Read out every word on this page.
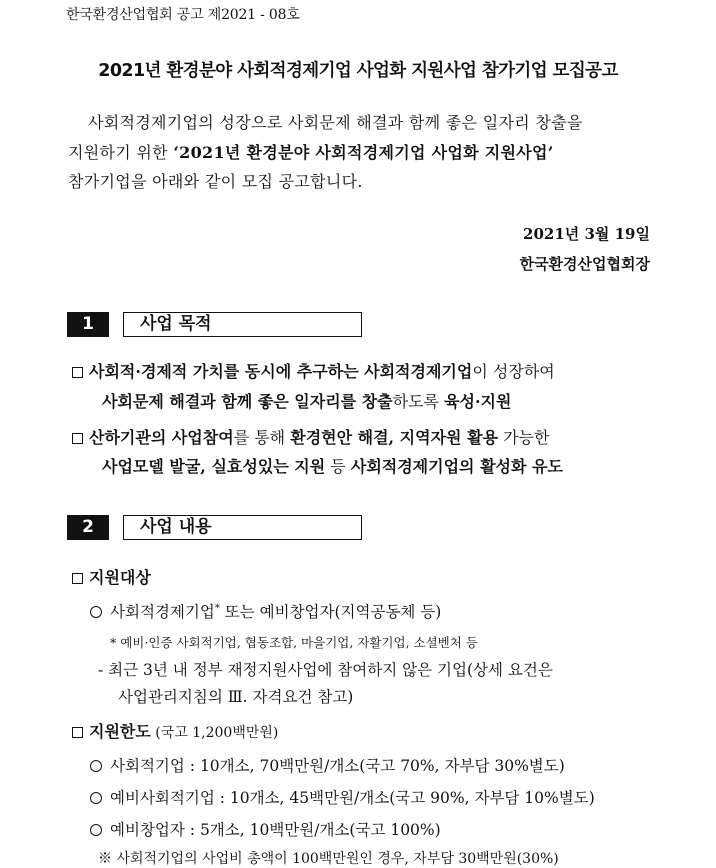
한국환경산업협회 공고 제2021 - 08호
2021년 환경분야 사회적경제기업 사업화 지원사업 참가기업 모집공고
사회적경제기업의 성장으로 사회문제 해결과 함께 좋은 일자리 창출을
지원하기 위한 ‘2021년 환경분야 사회적경제기업 사업화 지원사업’
참가기업을 아래와 같이 모집 공고합니다.
2021년 3월 19일
한국환경산업협회장
1	사업 목적
사회적·경제적 가치를 동시에 추구하는 사회적경제기업이 성장하여
사회문제 해결과 함께 좋은 일자리를 창출하도록 육성·지원
산하기관의 사업참여를 통해 환경현안 해결, 지역자원 활용 가능한
사업모델 발굴, 실효성있는 지원 등 사회적경제기업의 활성화 유도
2	사업 내용
지원대상
사회적경제기업* 또는 예비창업자(지역공동체 등)
* 예비·인증 사회적기업, 협동조합, 마을기업, 자활기업, 소셜벤처 등
- 최근 3년 내 정부 재정지원사업에 참여하지 않은 기업(상세 요건은
사업관리지침의 Ⅲ. 자격요건 참고)
지원한도 (국고 1,200백만원)
사회적기업 : 10개소, 70백만원/개소(국고 70%, 자부담 30%별도)
예비사회적기업 : 10개소, 45백만원/개소(국고 90%, 자부담 10%별도)
예비창업자 : 5개소, 10백만원/개소(국고 100%)
※ 사회적기업의 사업비 총액이 100백만원인 경우, 자부담 30백만원(30%)
